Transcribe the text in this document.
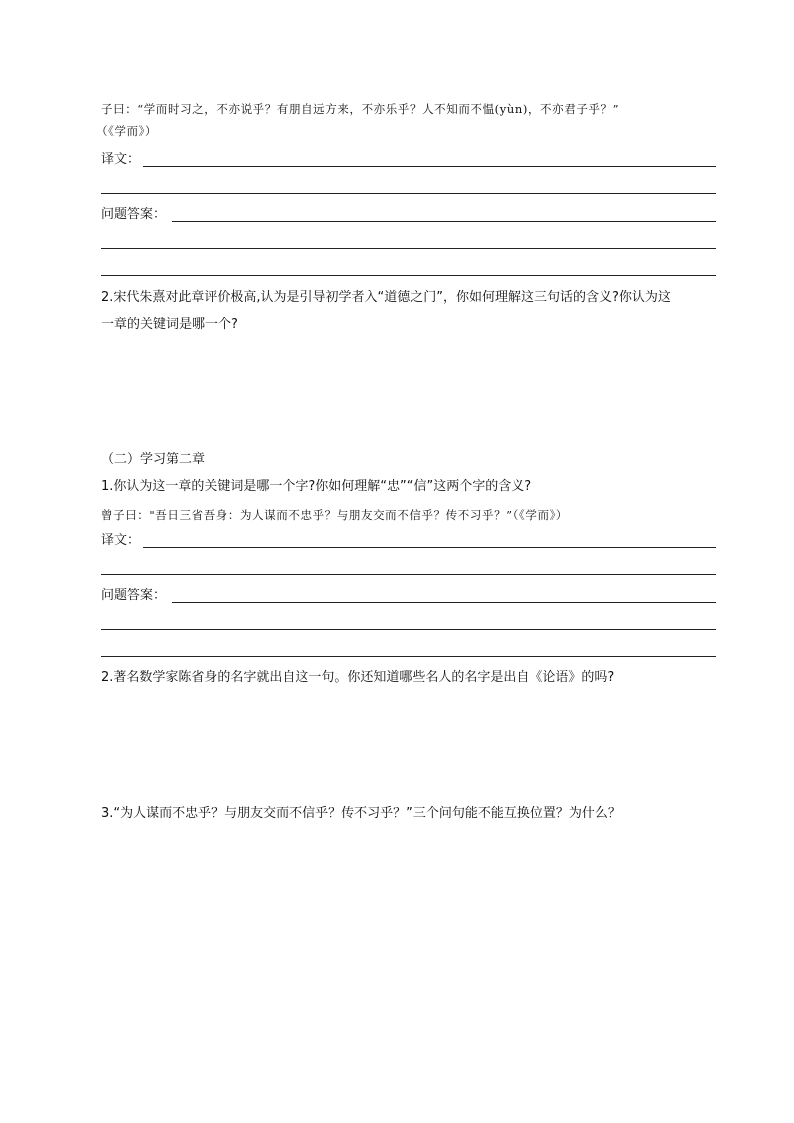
子曰：“学而时习之，不亦说乎？有朋自远方来，不亦乐乎？人不知而不愠(yùn)，不亦君子乎？”
（《学而》）
译文：
问题答案：
2.宋代朱熹对此章评价极高,认为是引导初学者入“道德之门”，你如何理解这三句话的含义?你认为这
一章的关键词是哪一个?
（二）学习第二章
1.你认为这一章的关键词是哪一个字?你如何理解“忠”“信”这两个字的含义?
曾子曰："吾日三省吾身：为人谋而不忠乎？与朋友交而不信乎？传不习乎？”（《学而》）
译文：
问题答案：
2.著名数学家陈省身的名字就出自这一句。你还知道哪些名人的名字是出自《论语》的吗?
3.“为人谋而不忠乎？与朋友交而不信乎？传不习乎？”三个问句能不能互换位置？为什么？
